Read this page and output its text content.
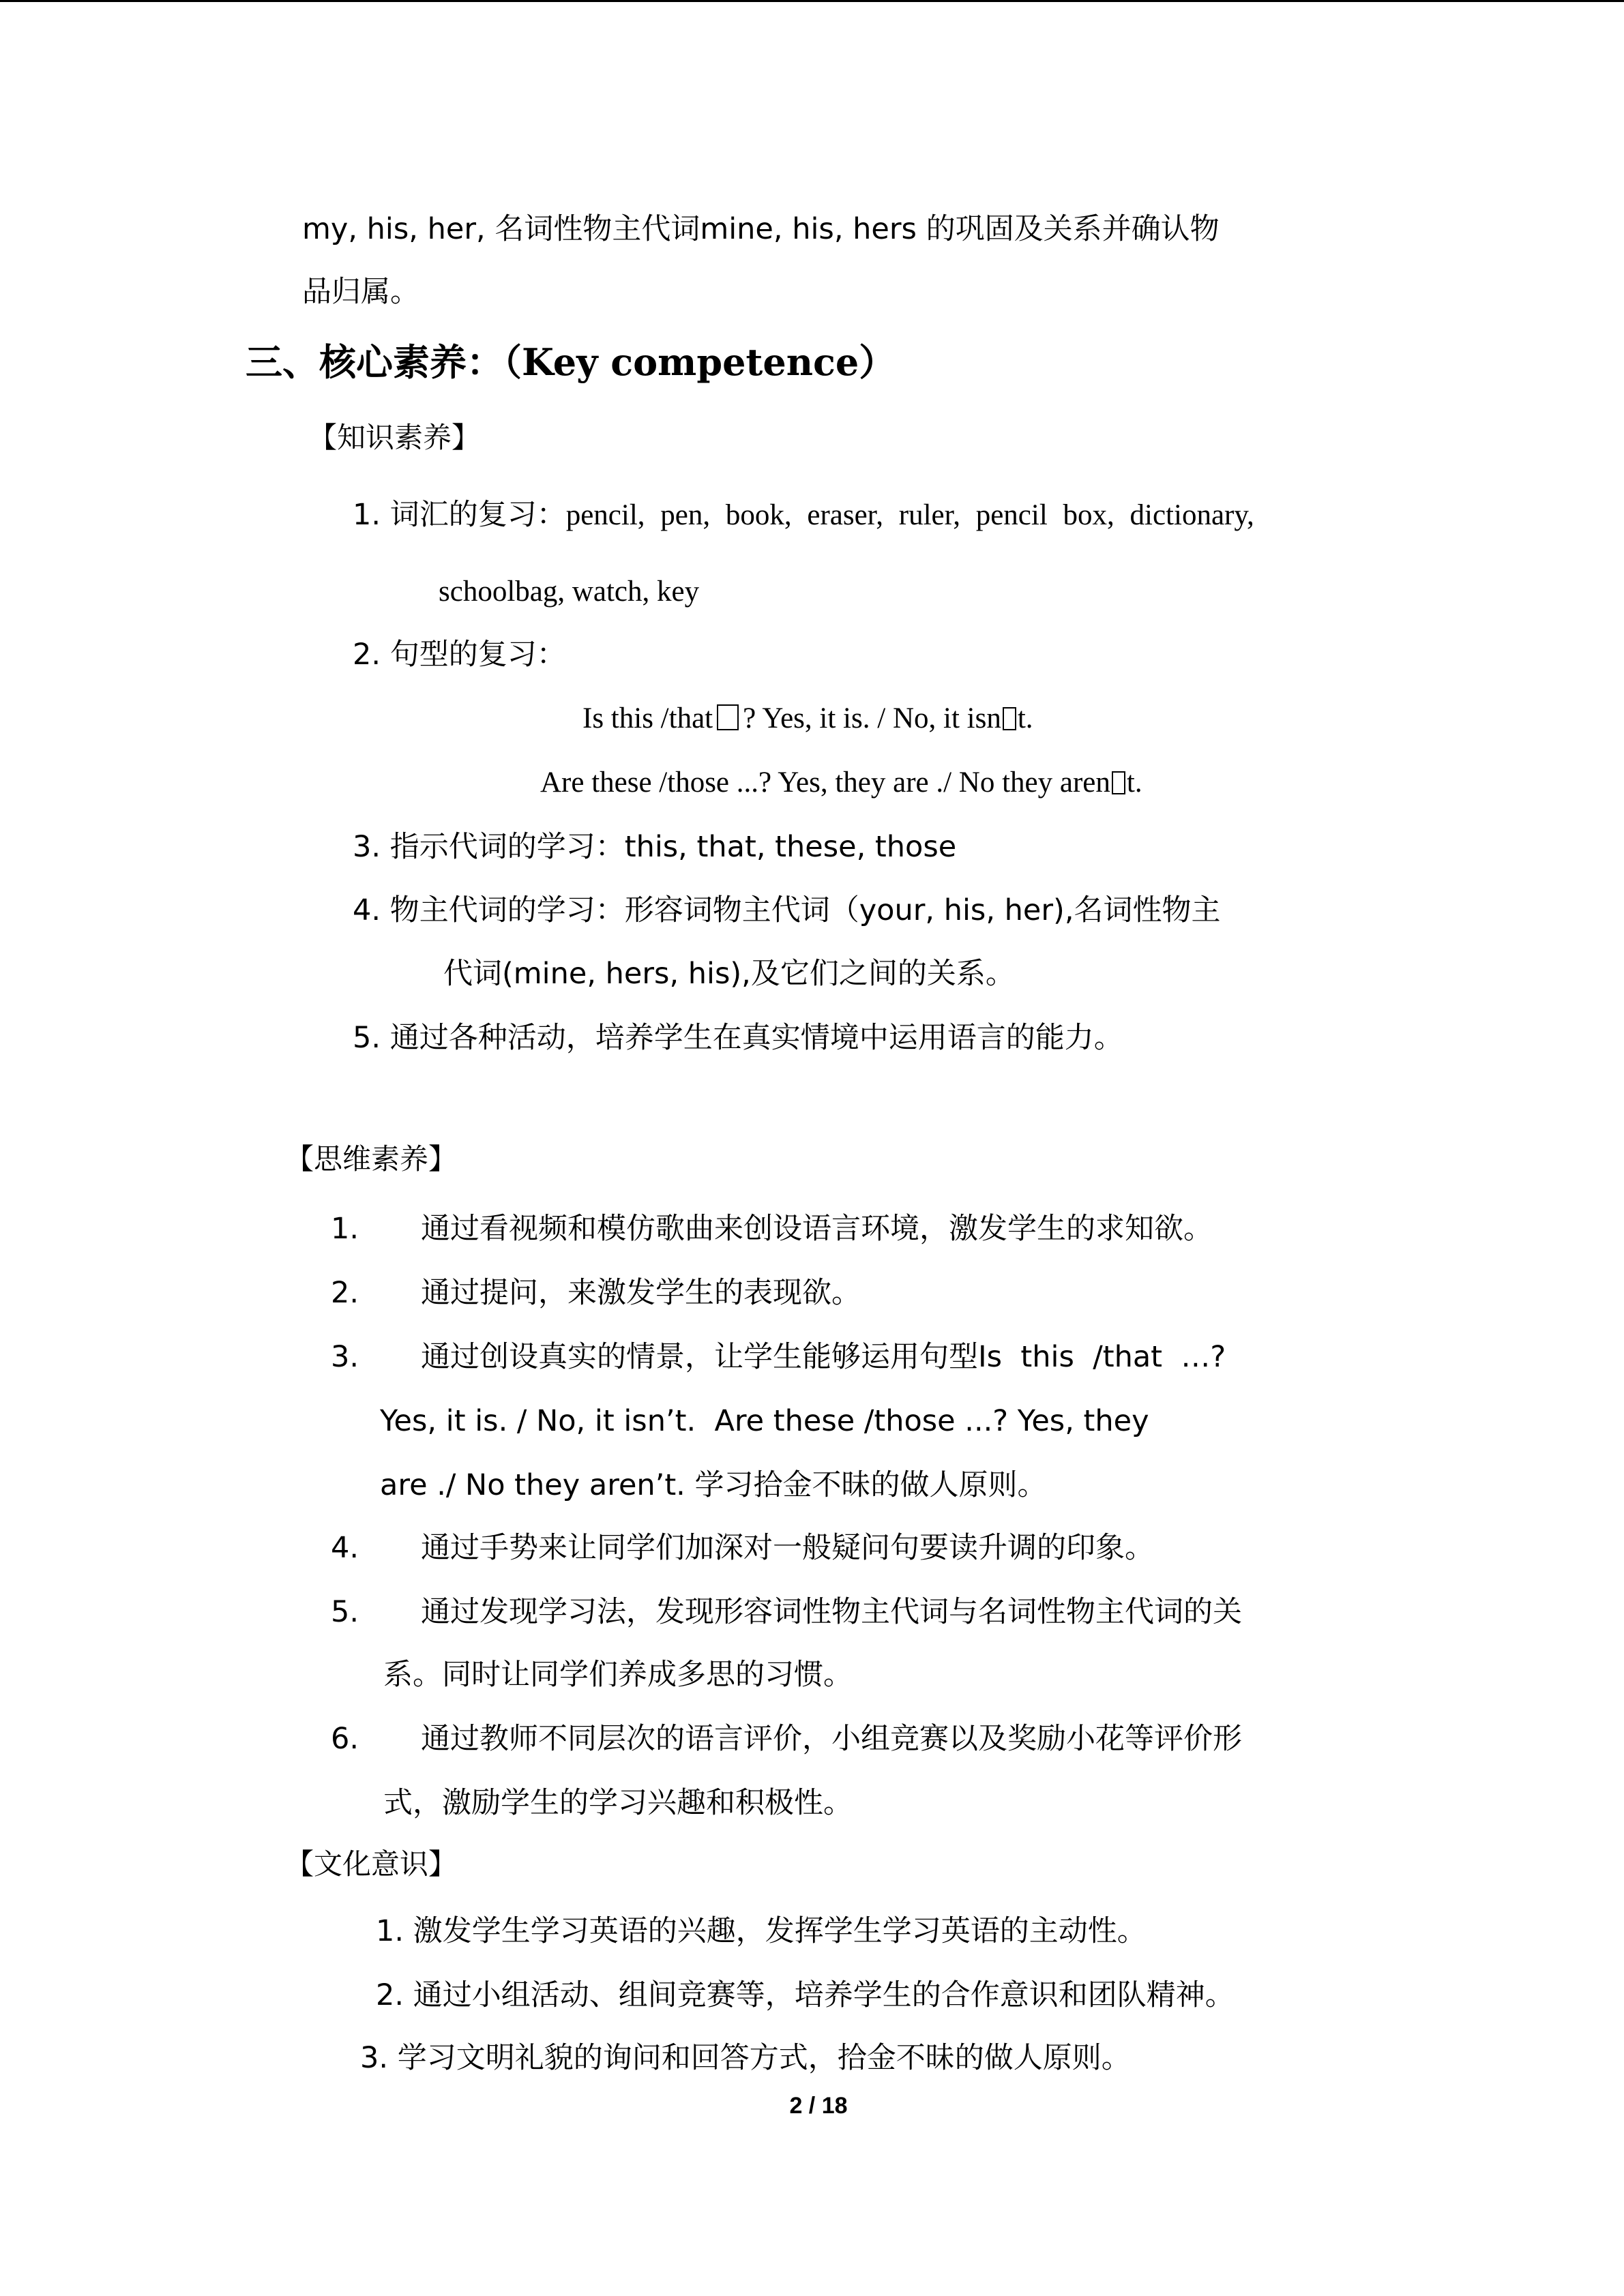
my, his, her, 名词性物主代词mine, his, hers 的巩固及关系并确认物
品归属。
三、核心素养：（Key competence）
【知识素养】
1. 词汇的复习：pencil, pen, book, eraser, ruler, pencil box, dictionary,
schoolbag, watch, key
2. 句型的复习：
Is this /that ? Yes, it is. / No, it isn t.
Are these /those ...? Yes, they are ./ No they aren t.
3. 指示代词的学习：this, that, these, those
4. 物主代词的学习：形容词物主代词（your, his, her),名词性物主
代词(mine, hers, his),及它们之间的关系。
5. 通过各种活动，培养学生在真实情境中运用语言的能力。
【思维素养】
1. 通过看视频和模仿歌曲来创设语言环境，激发学生的求知欲。
2. 通过提问，来激发学生的表现欲。
3. 通过创设真实的情景，让学生能够运用句型Is  this  /that  …?
Yes, it is. / No, it isn’t.  Are these /those ...? Yes, they
are ./ No they aren’t. 学习拾金不昧的做人原则。
4. 通过手势来让同学们加深对一般疑问句要读升调的印象。
5. 通过发现学习法，发现形容词性物主代词与名词性物主代词的关
系。同时让同学们养成多思的习惯。
6. 通过教师不同层次的语言评价，小组竞赛以及奖励小花等评价形
式，激励学生的学习兴趣和积极性。
【文化意识】
1. 激发学生学习英语的兴趣，发挥学生学习英语的主动性。
2. 通过小组活动、组间竞赛等，培养学生的合作意识和团队精神。
3. 学习文明礼貌的询问和回答方式，拾金不昧的做人原则。
2 / 18
